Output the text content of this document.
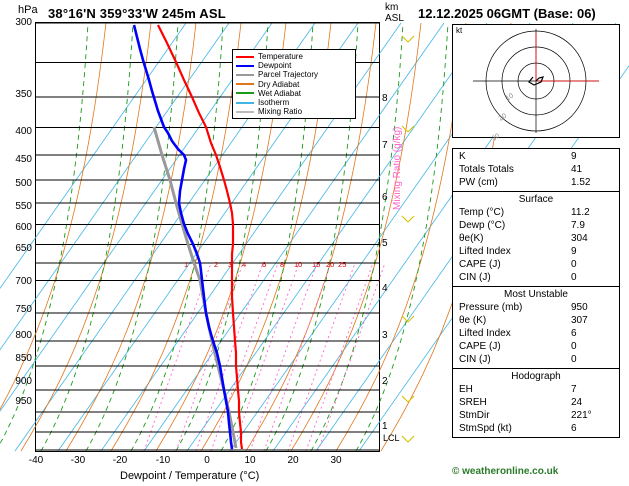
hPa 38°16'N 359°33'W 245m ASL	km
ASL 12.12.2025 06GMT (Base: 06)
1	2 3 4 6 8 10 15 20 25
Temperature
Dewpoint
Parcel Trajectory
Dry Adiabat
Wet Adiabat
Isotherm
Mixing Ratio
300
350
400
450
500
550
600
650
700
750
800
850
900
950
-40	-30	-20	-10	0	10	20	30
Dewpoint / Temperature (°C)
1
2
3
4
5
6
7
8
Mixing Ratio (g/kg)
LCL
kt
10
20
30
K	9
Totals Totals	41
PW (cm)	1.52
Surface
Temp (°C)	11.2
Dewp (°C)	7.9
θe(K)	304
Lifted Index	9
CAPE (J)	0
CIN (J)	0
Most Unstable
Pressure (mb)	950
θe (K)	307
Lifted Index	6
CAPE (J)	0
CIN (J)	0
Hodograph
EH	7
SREH	24
StmDir	221°
StmSpd (kt)	6
© weatheronline.co.uk
